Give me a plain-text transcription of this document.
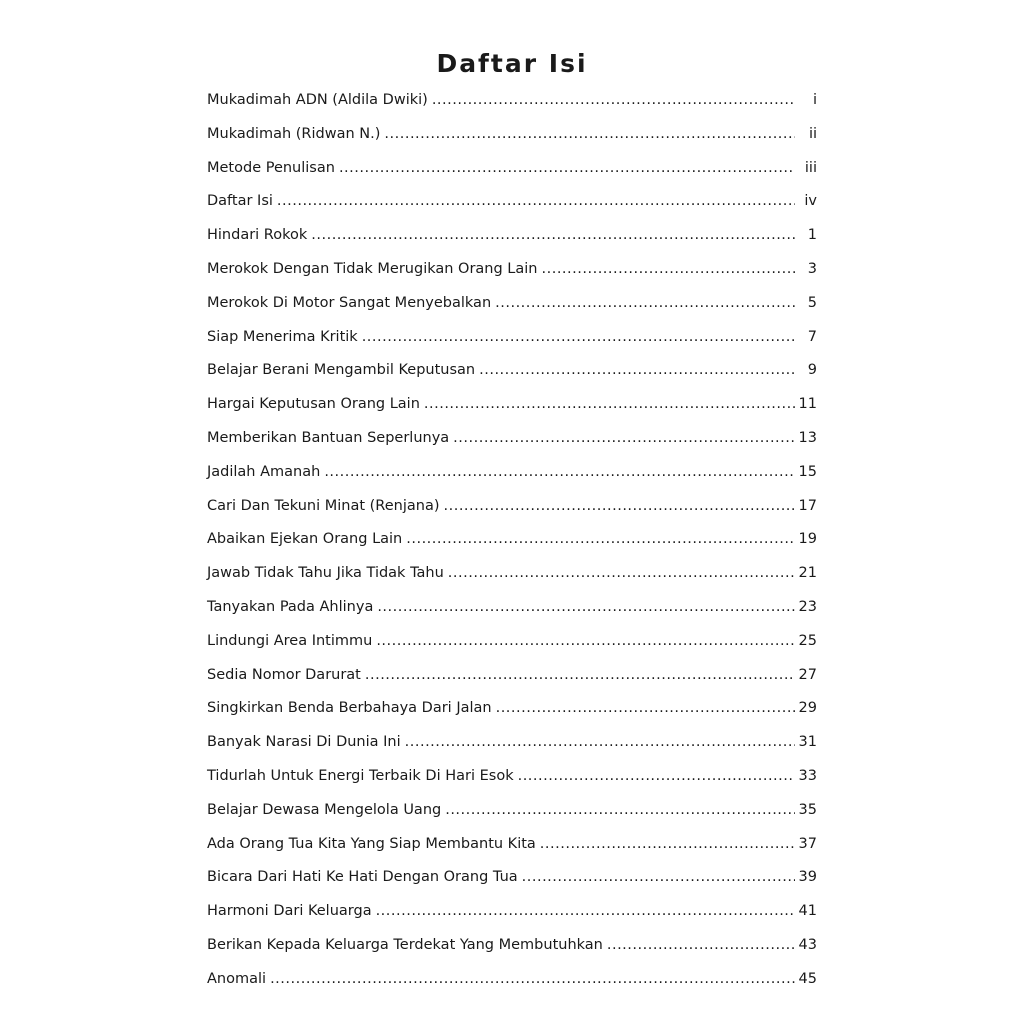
Daftar Isi
Mukadimah ADN (Aldila Dwiki) .....	i
Mukadimah (Ridwan N.) .....	ii
Metode Penulisan .....	iii
Daftar Isi .....	iv
Hindari Rokok .....	1
Merokok Dengan Tidak Merugikan Orang Lain .....	3
Merokok Di Motor Sangat Menyebalkan .....	5
Siap Menerima Kritik .....	7
Belajar Berani Mengambil Keputusan .....	9
Hargai Keputusan Orang Lain .....	11
Memberikan Bantuan Seperlunya .....	13
Jadilah Amanah .....	15
Cari Dan Tekuni Minat (Renjana) .....	17
Abaikan Ejekan Orang Lain .....	19
Jawab Tidak Tahu Jika Tidak Tahu .....	21
Tanyakan Pada Ahlinya .....	23
Lindungi Area Intimmu .....	25
Sedia Nomor Darurat .....	27
Singkirkan Benda Berbahaya Dari Jalan .....	29
Banyak Narasi Di Dunia Ini .....	31
Tidurlah Untuk Energi Terbaik Di Hari Esok .....	33
Belajar Dewasa Mengelola Uang .....	35
Ada Orang Tua Kita Yang Siap Membantu Kita .....	37
Bicara Dari Hati Ke Hati Dengan Orang Tua .....	39
Harmoni Dari Keluarga .....	41
Berikan Kepada Keluarga Terdekat Yang Membutuhkan .....	43
Anomali .....	45
